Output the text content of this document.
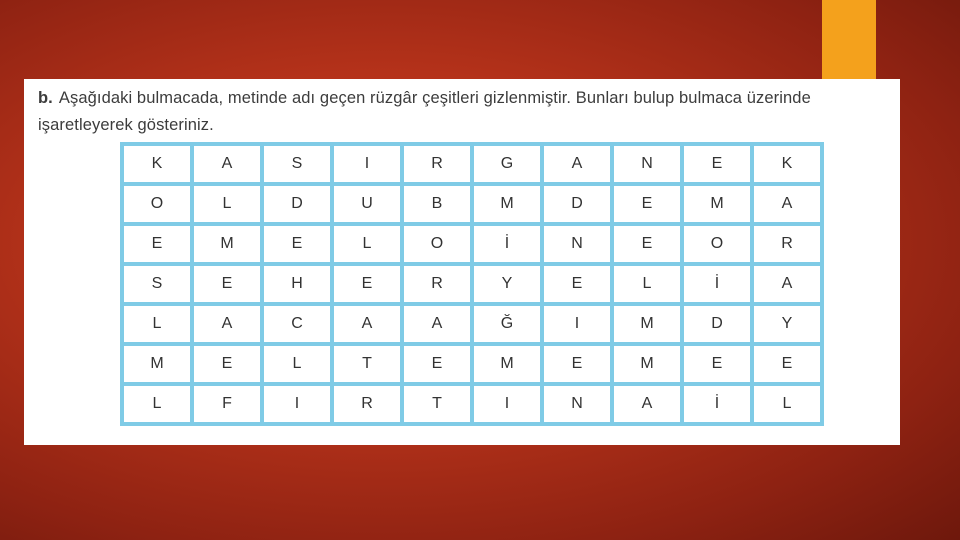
b. Aşağıdaki bulmacada, metinde adı geçen rüzgâr çeşitleri gizlenmiştir. Bunları bulup bulmaca üzerinde işaretleyerek gösteriniz.
K	A	S	I	R	G	A	N	E	K
O	L	D	U	B	M	D	E	M	A
E	M	E	L	O	İ	N	E	O	R
S	E	H	E	R	Y	E	L	İ	A
L	A	C	A	A	Ğ	I	M	D	Y
M	E	L	T	E	M	E	M	E	E
L	F	I	R	T	I	N	A	İ	L
